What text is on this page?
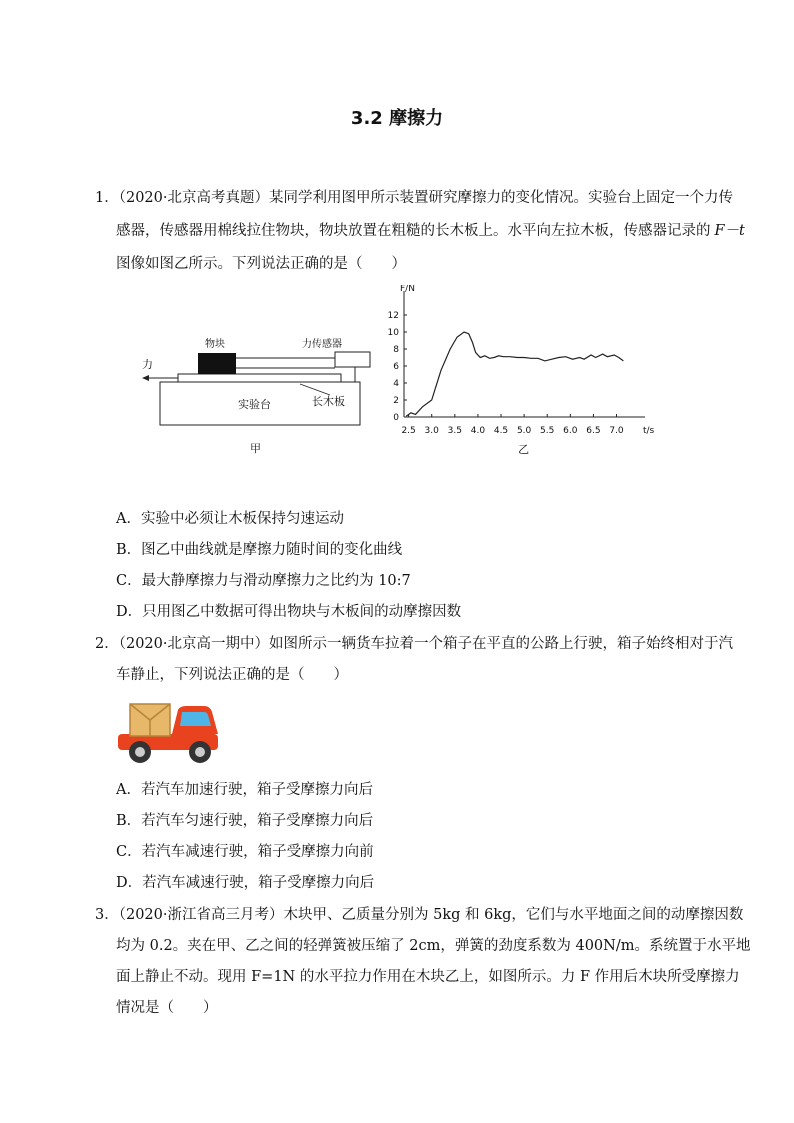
3.2 摩擦力
1．（2020·北京高考真题）某同学利用图甲所示装置研究摩擦力的变化情况。实验台上固定一个力传
感器，传感器用棉线拉住物块，物块放置在粗糙的长木板上。水平向左拉木板，传感器记录的 F－t
图像如图乙所示。下列说法正确的是（　　）
物块	力传感器
力
实验台	长木板
甲
F/N
t/s
0
2
4
6
8
10
12
2.5 3.0 3.5 4.0 4.5 5.0 5.5 6.0 6.5 7.0
乙
A．实验中必须让木板保持匀速运动
B．图乙中曲线就是摩擦力随时间的变化曲线
C．最大静摩擦力与滑动摩擦力之比约为 10:7
D．只用图乙中数据可得出物块与木板间的动摩擦因数
2．（2020·北京高一期中）如图所示一辆货车拉着一个箱子在平直的公路上行驶，箱子始终相对于汽
车静止，下列说法正确的是（　　）
A．若汽车加速行驶，箱子受摩擦力向后
B．若汽车匀速行驶，箱子受摩擦力向后
C．若汽车减速行驶，箱子受摩擦力向前
D．若汽车减速行驶，箱子受摩擦力向后
3．（2020·浙江省高三月考）木块甲、乙质量分别为 5kg 和 6kg，它们与水平地面之间的动摩擦因数
均为 0.2。夹在甲、乙之间的轻弹簧被压缩了 2cm，弹簧的劲度系数为 400N/m。系统置于水平地
面上静止不动。现用 F=1N 的水平拉力作用在木块乙上，如图所示。力 F 作用后木块所受摩擦力
情况是（　　）
